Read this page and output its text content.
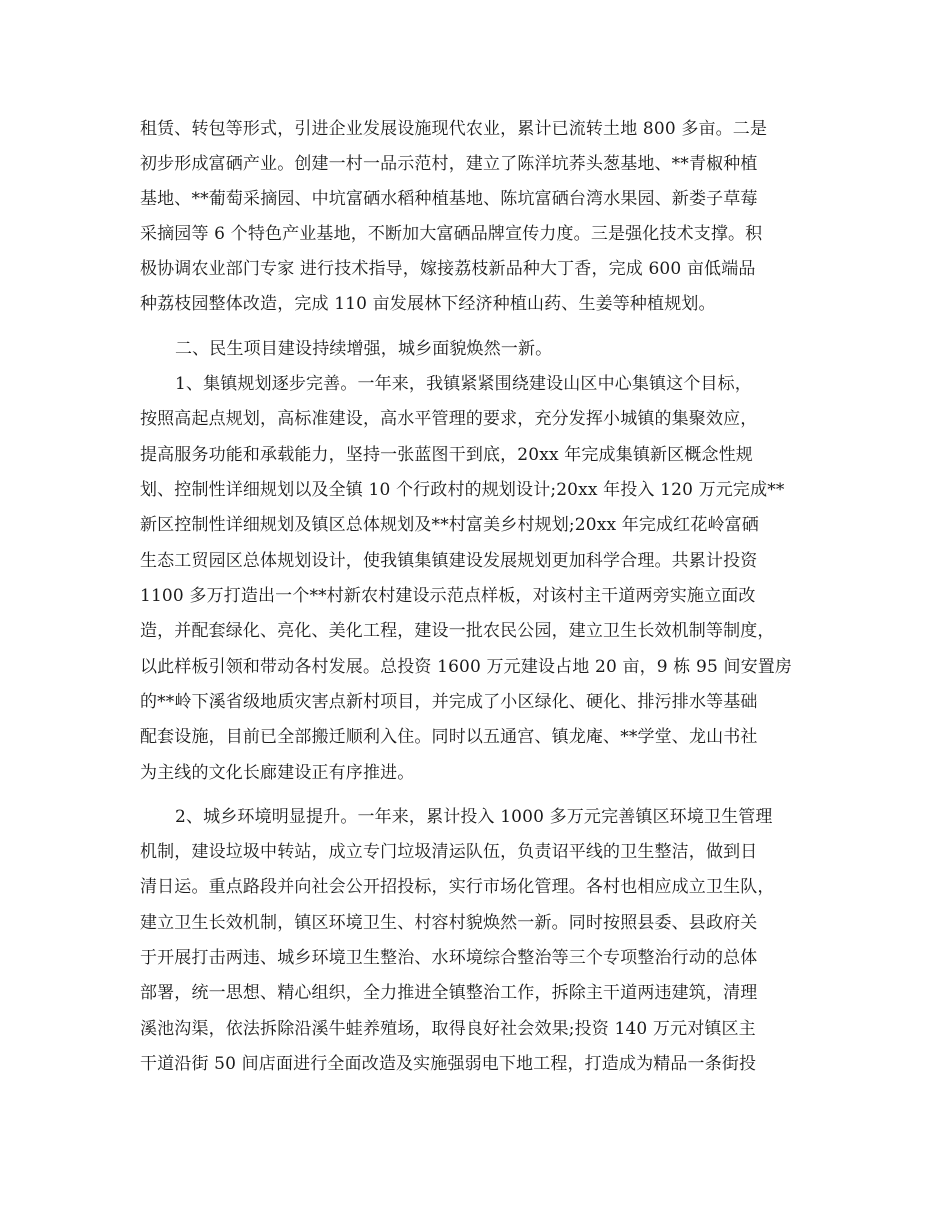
租赁、转包等形式，引进企业发展设施现代农业，累计已流转土地 800 多亩。二是
初步形成富硒产业。创建一村一品示范村，建立了陈洋坑荞头葱基地、**青椒种植
基地、**葡萄采摘园、中坑富硒水稻种植基地、陈坑富硒台湾水果园、新娄子草莓
采摘园等 6 个特色产业基地，不断加大富硒品牌宣传力度。三是强化技术支撑。积
极协调农业部门专家 进行技术指导，嫁接荔枝新品种大丁香，完成 600 亩低端品
种荔枝园整体改造，完成 110 亩发展林下经济种植山药、生姜等种植规划。
二、民生项目建设持续增强，城乡面貌焕然一新。
1、集镇规划逐步完善。一年来，我镇紧紧围绕建设山区中心集镇这个目标，
按照高起点规划，高标准建设，高水平管理的要求，充分发挥小城镇的集聚效应，
提高服务功能和承载能力，坚持一张蓝图干到底，20xx 年完成集镇新区概念性规
划、控制性详细规划以及全镇 10 个行政村的规划设计;20xx 年投入 120 万元完成**
新区控制性详细规划及镇区总体规划及**村富美乡村规划;20xx 年完成红花岭富硒
生态工贸园区总体规划设计，使我镇集镇建设发展规划更加科学合理。共累计投资
1100 多万打造出一个**村新农村建设示范点样板，对该村主干道两旁实施立面改
造，并配套绿化、亮化、美化工程，建设一批农民公园，建立卫生长效机制等制度，
以此样板引领和带动各村发展。总投资 1600 万元建设占地 20 亩，9 栋 95 间安置房
的**岭下溪省级地质灾害点新村项目，并完成了小区绿化、硬化、排污排水等基础
配套设施，目前已全部搬迁顺利入住。同时以五通宫、镇龙庵、**学堂、龙山书社
为主线的文化长廊建设正有序推进。
2、城乡环境明显提升。一年来，累计投入 1000 多万元完善镇区环境卫生管理
机制，建设垃圾中转站，成立专门垃圾清运队伍，负责诏平线的卫生整洁，做到日
清日运。重点路段并向社会公开招投标，实行市场化管理。各村也相应成立卫生队，
建立卫生长效机制，镇区环境卫生、村容村貌焕然一新。同时按照县委、县政府关
于开展打击两违、城乡环境卫生整治、水环境综合整治等三个专项整治行动的总体
部署，统一思想、精心组织，全力推进全镇整治工作，拆除主干道两违建筑，清理
溪池沟渠，依法拆除沿溪牛蛙养殖场，取得良好社会效果;投资 140 万元对镇区主
干道沿街 50 间店面进行全面改造及实施强弱电下地工程，打造成为精品一条街投
